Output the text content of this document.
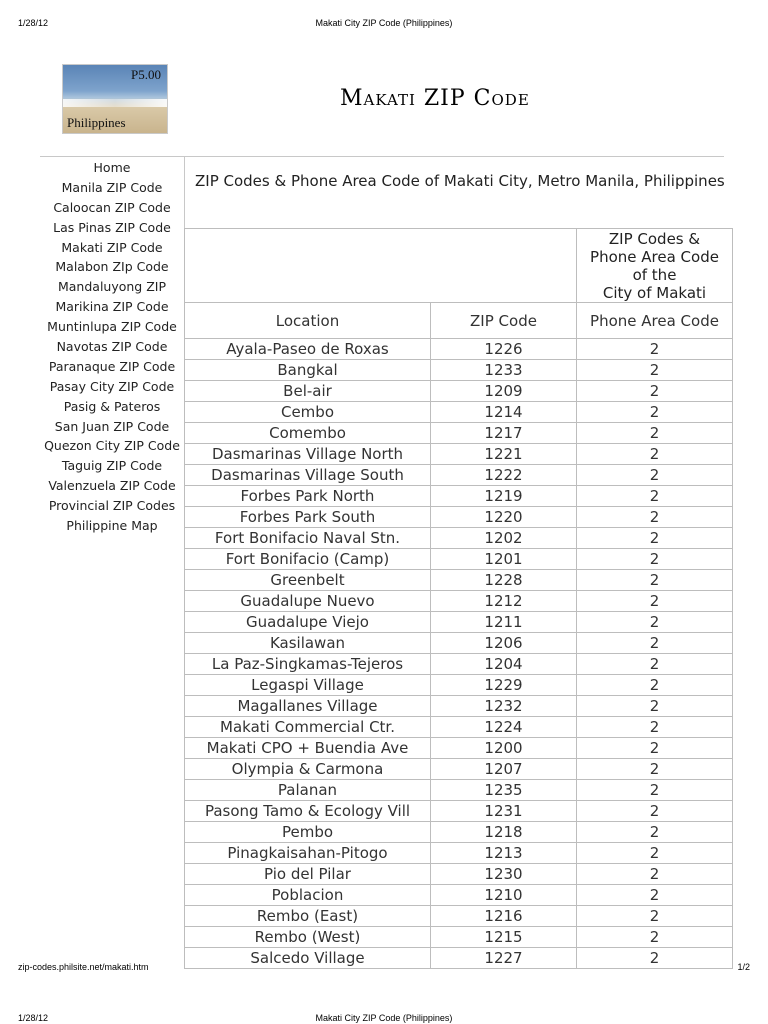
1/28/12	Makati City ZIP Code (Philippines)
P5.00
Philippines
Makati ZIP Code
Home
Manila ZIP Code
Caloocan ZIP Code
Las Pinas ZIP Code
Makati ZIP Code
Malabon ZIp Code
Mandaluyong ZIP
Marikina ZIP Code
Muntinlupa ZIP Code
Navotas ZIP Code
Paranaque ZIP Code
Pasay City ZIP Code
Pasig & Pateros
San Juan ZIP Code
Quezon City ZIP Code
Taguig ZIP Code
Valenzuela ZIP Code
Provincial ZIP Codes
Philippine Map
ZIP Codes & Phone Area Code of Makati City, Metro Manila, Philippines

		ZIP Codes &
Phone Area Code
of the
City of Makati

Location	ZIP Code	Phone Area Code
Ayala-Paseo de Roxas	1226	2
Bangkal	1233	2
Bel-air	1209	2
Cembo	1214	2
Comembo	1217	2
Dasmarinas Village North	1221	2
Dasmarinas Village South	1222	2
Forbes Park North	1219	2
Forbes Park South	1220	2
Fort Bonifacio Naval Stn.	1202	2
Fort Bonifacio (Camp)	1201	2
Greenbelt	1228	2
Guadalupe Nuevo	1212	2
Guadalupe Viejo	1211	2
Kasilawan	1206	2
La Paz-Singkamas-Tejeros	1204	2
Legaspi Village	1229	2
Magallanes Village	1232	2
Makati Commercial Ctr.	1224	2
Makati CPO + Buendia Ave	1200	2
Olympia & Carmona	1207	2
Palanan	1235	2
Pasong Tamo & Ecology Vill	1231	2
Pembo	1218	2
Pinagkaisahan-Pitogo	1213	2
Pio del Pilar	1230	2
Poblacion	1210	2
Rembo (East)	1216	2
Rembo (West)	1215	2
Salcedo Village	1227	2
zip-codes.philsite.net/makati.htm	1/2
1/28/12	Makati City ZIP Code (Philippines)
